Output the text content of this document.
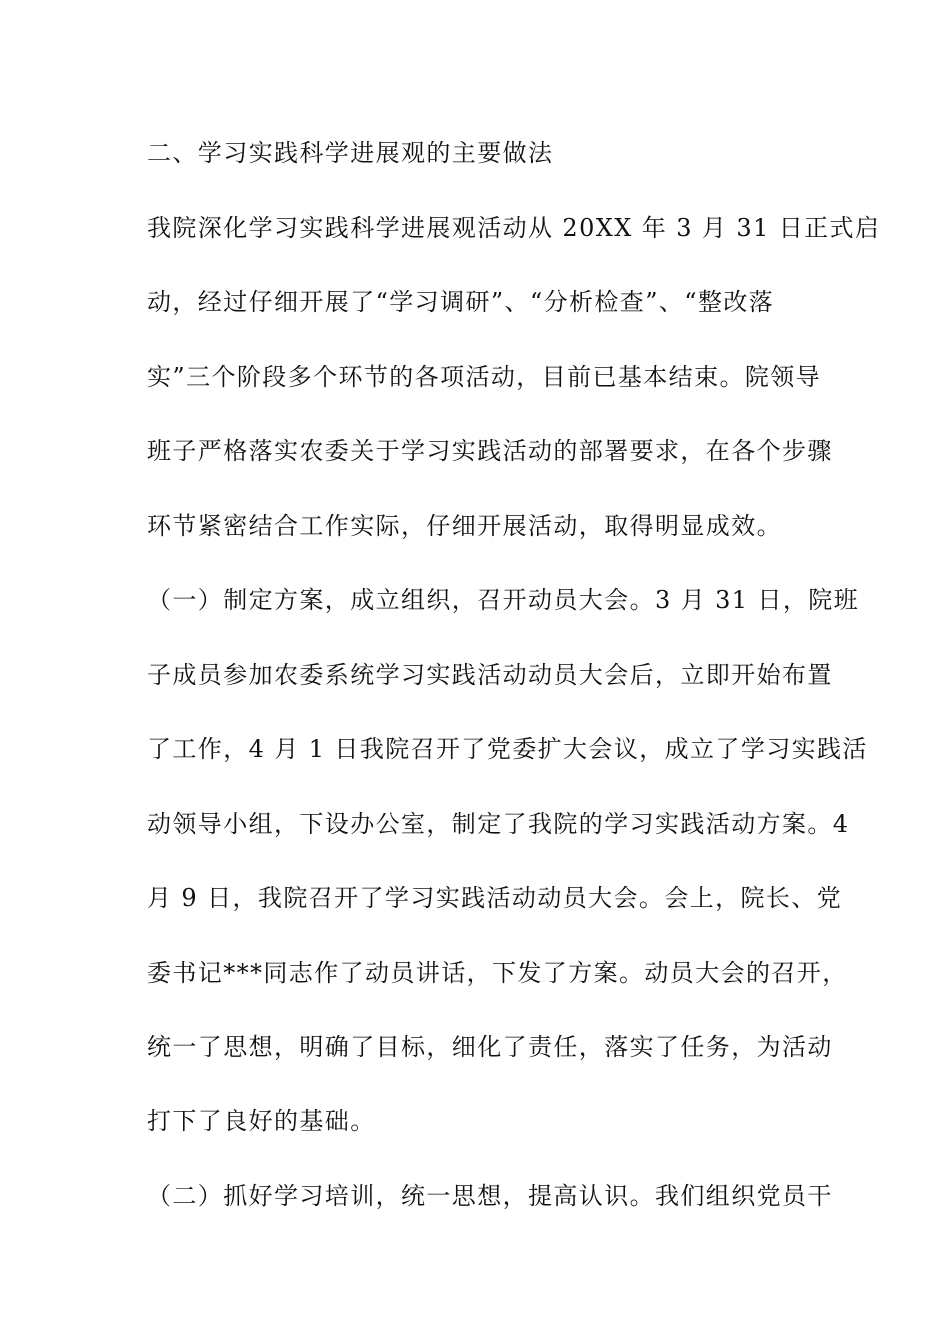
二、学习实践科学进展观的主要做法
我院深化学习实践科学进展观活动从 20XX 年 3 月 31 日正式启
动，经过仔细开展了“学习调研”、“分析检查”、“整改落
实”三个阶段多个环节的各项活动，目前已基本结束。院领导
班子严格落实农委关于学习实践活动的部署要求，在各个步骤
环节紧密结合工作实际，仔细开展活动，取得明显成效。
（一）制定方案，成立组织，召开动员大会。3 月 31 日，院班
子成员参加农委系统学习实践活动动员大会后，立即开始布置
了工作，4 月 1 日我院召开了党委扩大会议，成立了学习实践活
动领导小组，下设办公室，制定了我院的学习实践活动方案。4
月 9 日，我院召开了学习实践活动动员大会。会上，院长、党
委书记***同志作了动员讲话，下发了方案。动员大会的召开，
统一了思想，明确了目标，细化了责任，落实了任务，为活动
打下了良好的基础。
（二）抓好学习培训，统一思想，提高认识。我们组织党员干
